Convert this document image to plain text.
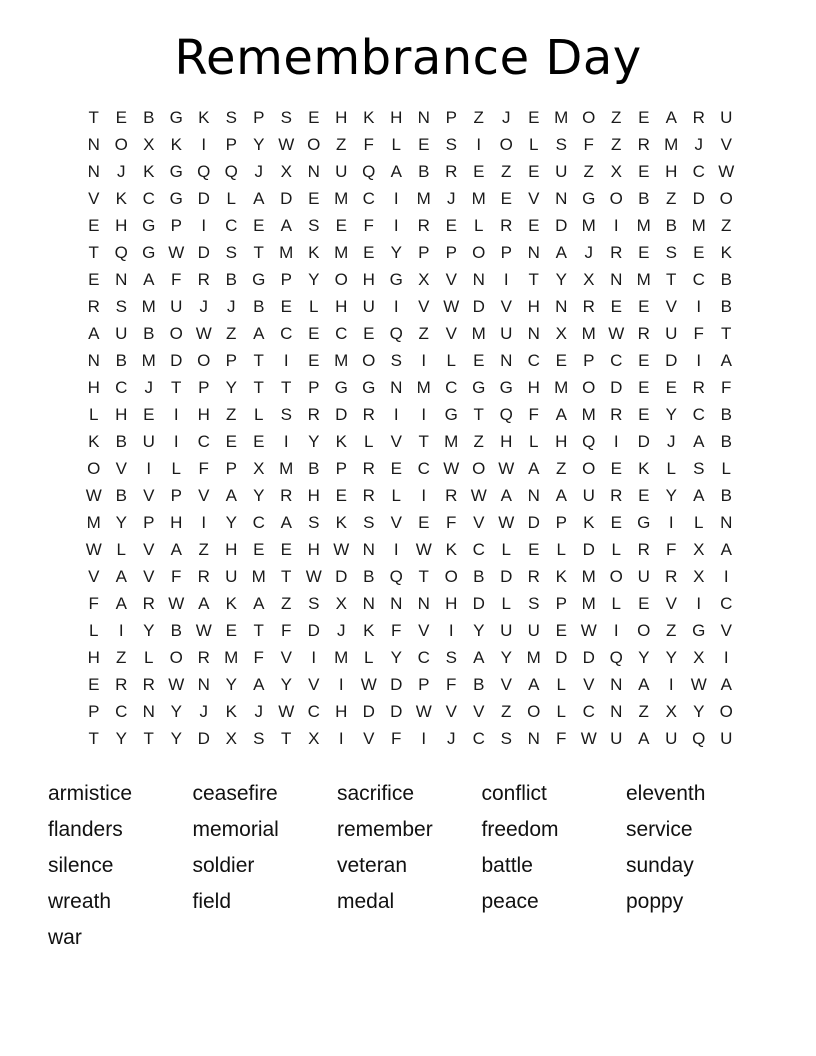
Remembrance Day
T E B G K S P S E H K H N P Z	J	E M O Z E A R U
N O X K	I	P Y W O Z	F	L	E S	I	O L	S F	Z R M J	V
N	J	K G Q Q J	X N U Q A B R E Z E U Z X E H C W
V K C G D L	A D E M C	I	M J M E V N G O B Z D O
E H G P	I	C E A S E F	I	R E	L R E D M	I	M B M Z
T Q G W D S T M K M E Y P P O P N A	J	R E S E K
E N A F R B G P Y O H G X V N	I	T Y X N M T C B
R S M U	J	J	B E	L H U	I	V W D V H N R E E V	I	B
A U B O W Z A C E C E Q Z V M U N X M W R U F	T
N B M D O P T	I	E M O S	I	L	E N C E P C E D	I	A
H C	J	T P Y T	T P G G N M C G G H M O D E E R F
L H E	I	H Z	L	S R D R	I	I	G T Q F A M R E Y C B
K B U	I	C E E	I	Y K	L	V T M Z H L H Q	I	D	J	A B
O V	I	L	F P X M B P R E C W O W A Z O E K	L	S	L
W B V P V A Y R H E R L	I	R W A N A U R E Y A B
M Y P H	I	Y C A S K S V E F V W D P K E G	I	L N
W L	V A Z H E E H W N	I	W K C L	E	L D L R F X A
V A V F R U M T W D B Q T O B D R K M O U R X	I
F A R W A K A Z S X N N N H D L	S P M L	E V	I	C
L	I	Y B W E T	F D	J	K F V	I	Y U U E W	I	O Z G V
H Z	L O R M F V	I	M L	Y C S A Y M D D Q Y Y X	I
E R R W N Y A Y V	I	W D P F B V A	L	V N A	I	W A
P C N Y	J	K	J W C H D D W V V Z O L C N Z X Y O
T Y T Y D X S T X	I	V F	I	J	C S N F W U A U Q U
armistice
flanders
silence
wreath
war
ceasefire
memorial
soldier
field
sacrifice
remember
veteran
medal
conflict
freedom
battle
peace
eleventh
service
sunday
poppy
